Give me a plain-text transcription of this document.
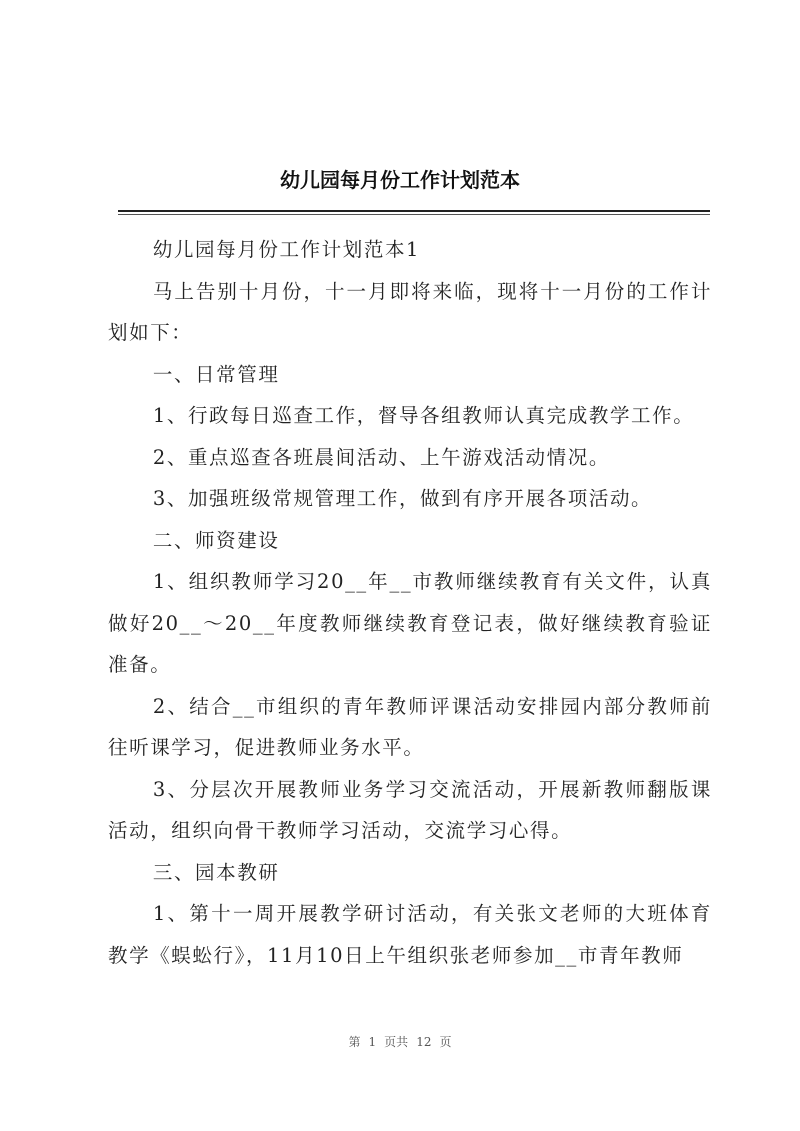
幼儿园每月份工作计划范本

幼儿园每月份工作计划范本1

马上告别十月份，十一月即将来临，现将十一月份的工作计划如下：

一、日常管理

1、行政每日巡查工作，督导各组教师认真完成教学工作。

2、重点巡查各班晨间活动、上午游戏活动情况。

3、加强班级常规管理工作，做到有序开展各项活动。

二、师资建设

1、组织教师学习20__年__市教师继续教育有关文件，认真做好20__～20__年度教师继续教育登记表，做好继续教育验证准备。

2、结合__市组织的青年教师评课活动安排园内部分教师前往听课学习，促进教师业务水平。

3、分层次开展教师业务学习交流活动，开展新教师翻版课活动，组织向骨干教师学习活动，交流学习心得。

三、园本教研

1、第十一周开展教学研讨活动，有关张文老师的大班体育教学《蜈蚣行》，11月10日上午组织张老师参加__市青年教师

第 1 页共 12 页
